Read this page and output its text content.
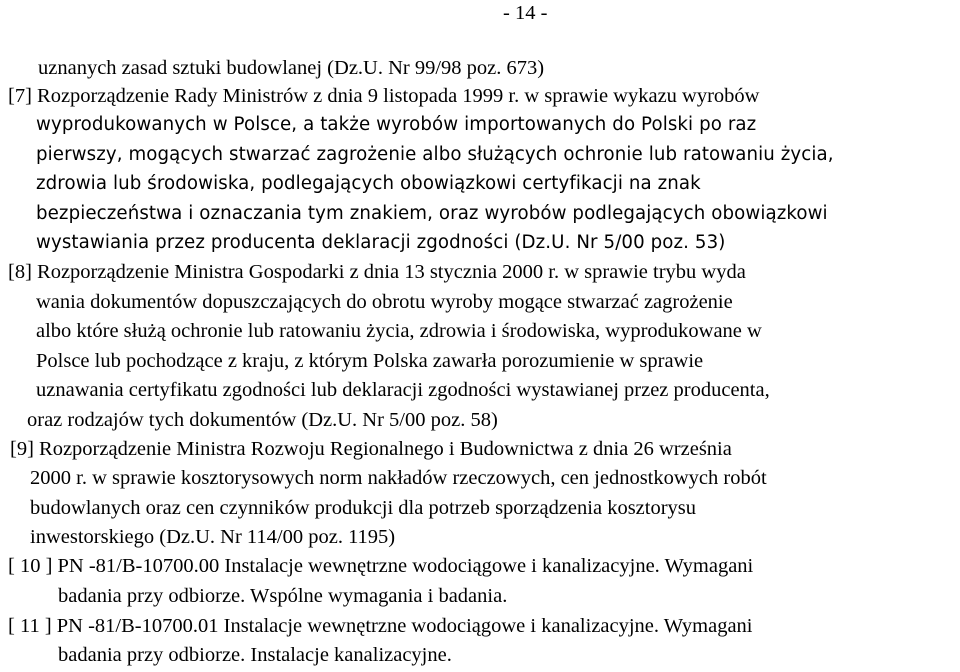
- 14 -
uznanych zasad sztuki budowlanej (Dz.U. Nr 99/98 poz. 673)
[7] Rozporządzenie Rady Ministrów z dnia 9 listopada 1999 r. w sprawie wykazu wyrobów
wyprodukowanych w Polsce, a także wyrobów importowanych do Polski po raz
pierwszy, mogących stwarzać zagrożenie albo służących ochronie lub ratowaniu życia,
zdrowia lub środowiska, podlegających obowiązkowi certyfikacji na znak
bezpieczeństwa i oznaczania tym znakiem, oraz wyrobów podlegających obowiązkowi
wystawiania przez producenta deklaracji zgodności (Dz.U. Nr 5/00 poz. 53)
[8] Rozporządzenie Ministra Gospodarki z dnia 13 stycznia 2000 r. w sprawie trybu wyda
wania dokumentów dopuszczających do obrotu wyroby mogące stwarzać zagrożenie
albo które służą ochronie lub ratowaniu życia, zdrowia i środowiska, wyprodukowane w
Polsce lub pochodzące z kraju, z którym Polska zawarła porozumienie w sprawie
uznawania certyfikatu zgodności lub deklaracji zgodności wystawianej przez producenta,
oraz rodzajów tych dokumentów (Dz.U. Nr 5/00 poz. 58)
[9] Rozporządzenie Ministra Rozwoju Regionalnego i Budownictwa z dnia 26 września
2000 r. w sprawie kosztorysowych norm nakładów rzeczowych, cen jednostkowych robót
budowlanych oraz cen czynników produkcji dla potrzeb sporządzenia kosztorysu
inwestorskiego (Dz.U. Nr 114/00 poz. 1195)
[ 10 ] PN -81/B-10700.00 Instalacje wewnętrzne wodociągowe i kanalizacyjne. Wymagani
badania przy odbiorze. Wspólne wymagania i badania.
[ 11 ] PN -81/B-10700.01 Instalacje wewnętrzne wodociągowe i kanalizacyjne. Wymagani
badania przy odbiorze. Instalacje kanalizacyjne.
